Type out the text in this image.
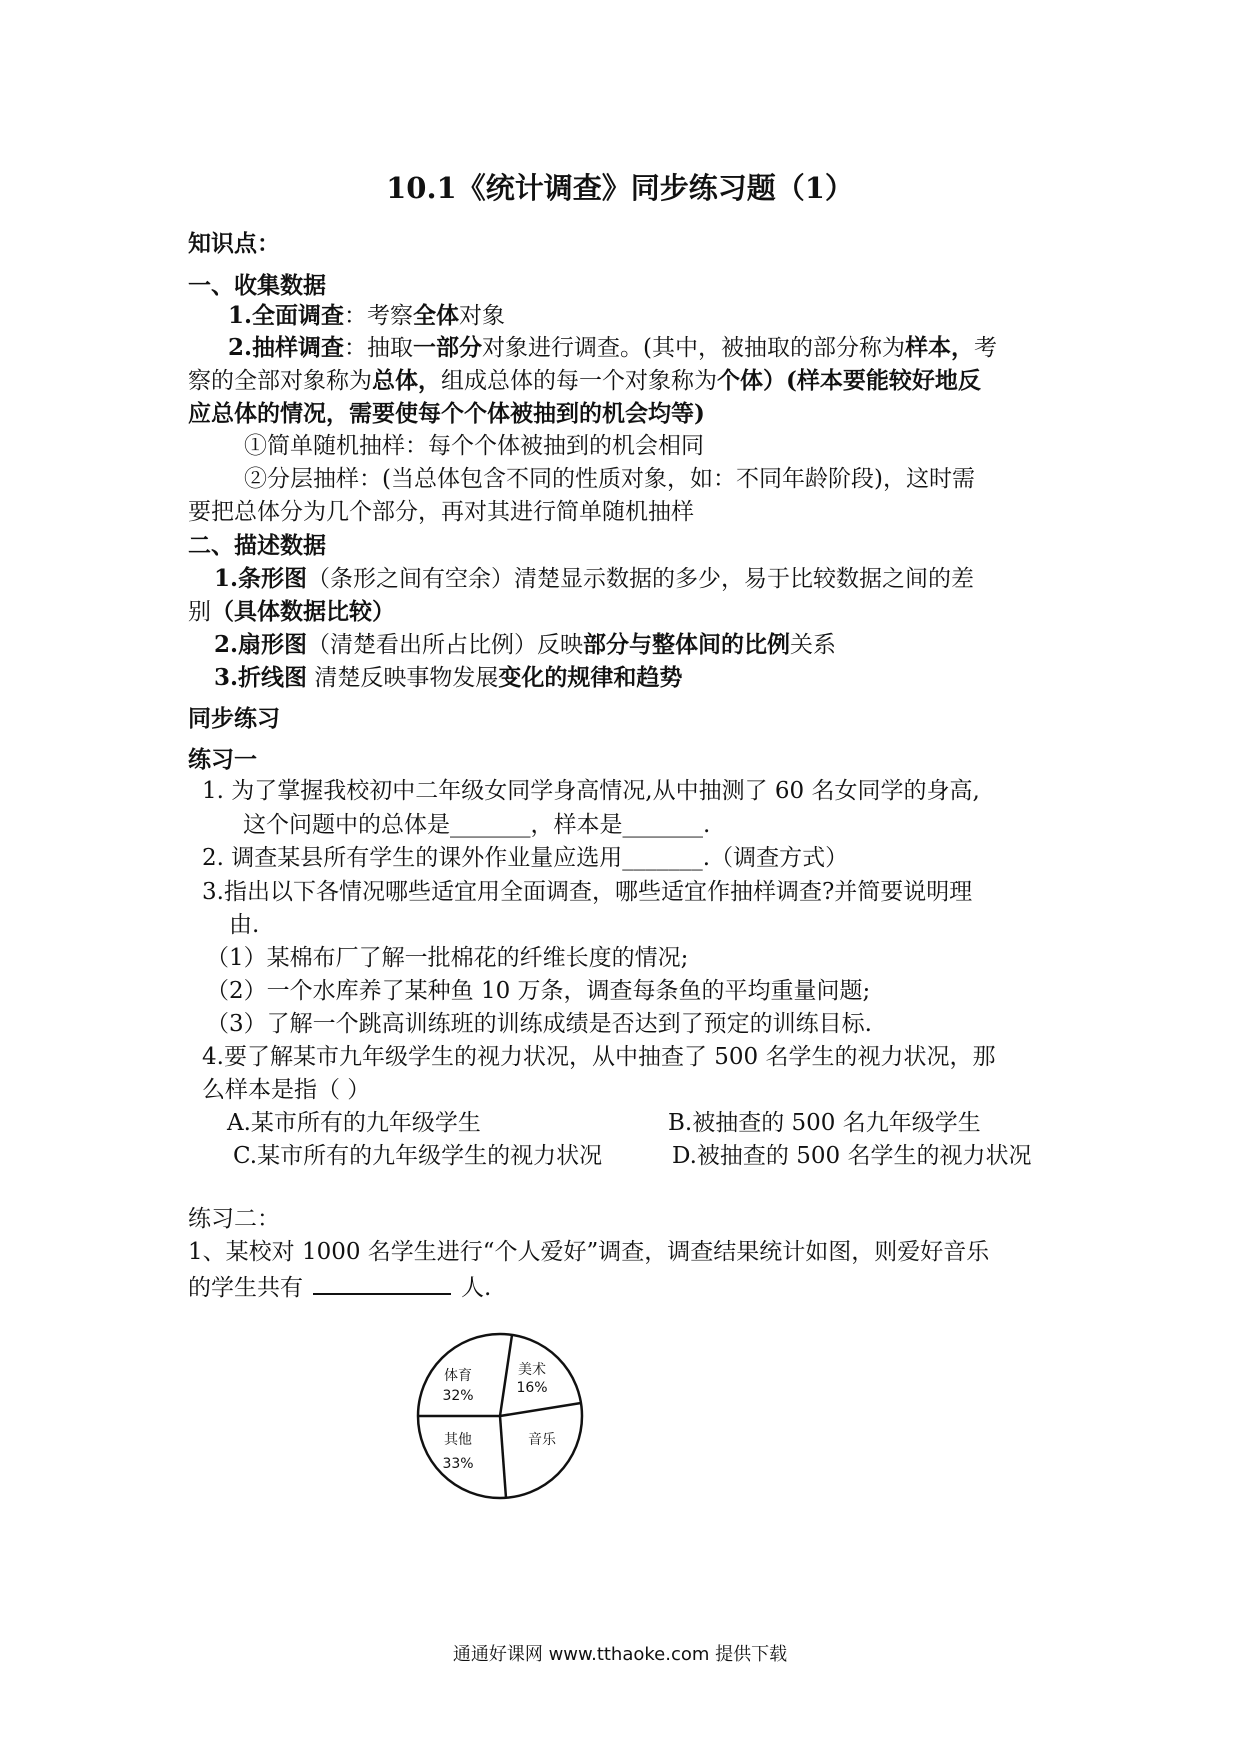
10.1《统计调查》同步练习题（1）
知识点：
一、收集数据
1.全面调查：考察全体对象
2.抽样调查：抽取一部分对象进行调查。(其中，被抽取的部分称为样本，考
察的全部对象称为总体，组成总体的每一个对象称为个体）(样本要能较好地反
应总体的情况，需要使每个个体被抽到的机会均等)
①简单随机抽样：每个个体被抽到的机会相同
②分层抽样：(当总体包含不同的性质对象，如：不同年龄阶段)，这时需
要把总体分为几个部分，再对其进行简单随机抽样
二、描述数据
1.条形图（条形之间有空余）清楚显示数据的多少，易于比较数据之间的差
别（具体数据比较）
2.扇形图（清楚看出所占比例）反映部分与整体间的比例关系
3.折线图 清楚反映事物发展变化的规律和趋势
同步练习
练习一
1. 为了掌握我校初中二年级女同学身高情况,从中抽测了 60 名女同学的身高,
这个问题中的总体是_______，样本是_______.
2. 调查某县所有学生的课外作业量应选用_______.（调查方式）
3.指出以下各情况哪些适宜用全面调查，哪些适宜作抽样调查?并简要说明理
由.
（1）某棉布厂了解一批棉花的纤维长度的情况;
（2）一个水库养了某种鱼 10 万条，调查每条鱼的平均重量问题;
（3）了解一个跳高训练班的训练成绩是否达到了预定的训练目标.
4.要了解某市九年级学生的视力状况，从中抽查了 500 名学生的视力状况，那
么样本是指（ ）
A.某市所有的九年级学生	B.被抽查的 500 名九年级学生
C.某市所有的九年级学生的视力状况	D.被抽查的 500 名学生的视力状况
练习二：
1、某校对 1000 名学生进行“个人爱好”调查，调查结果统计如图，则爱好音乐
的学生共有	人.
体育
32%
美术
16%
音乐
其他
33%
通通好课网 www.tthaoke.com 提供下载
